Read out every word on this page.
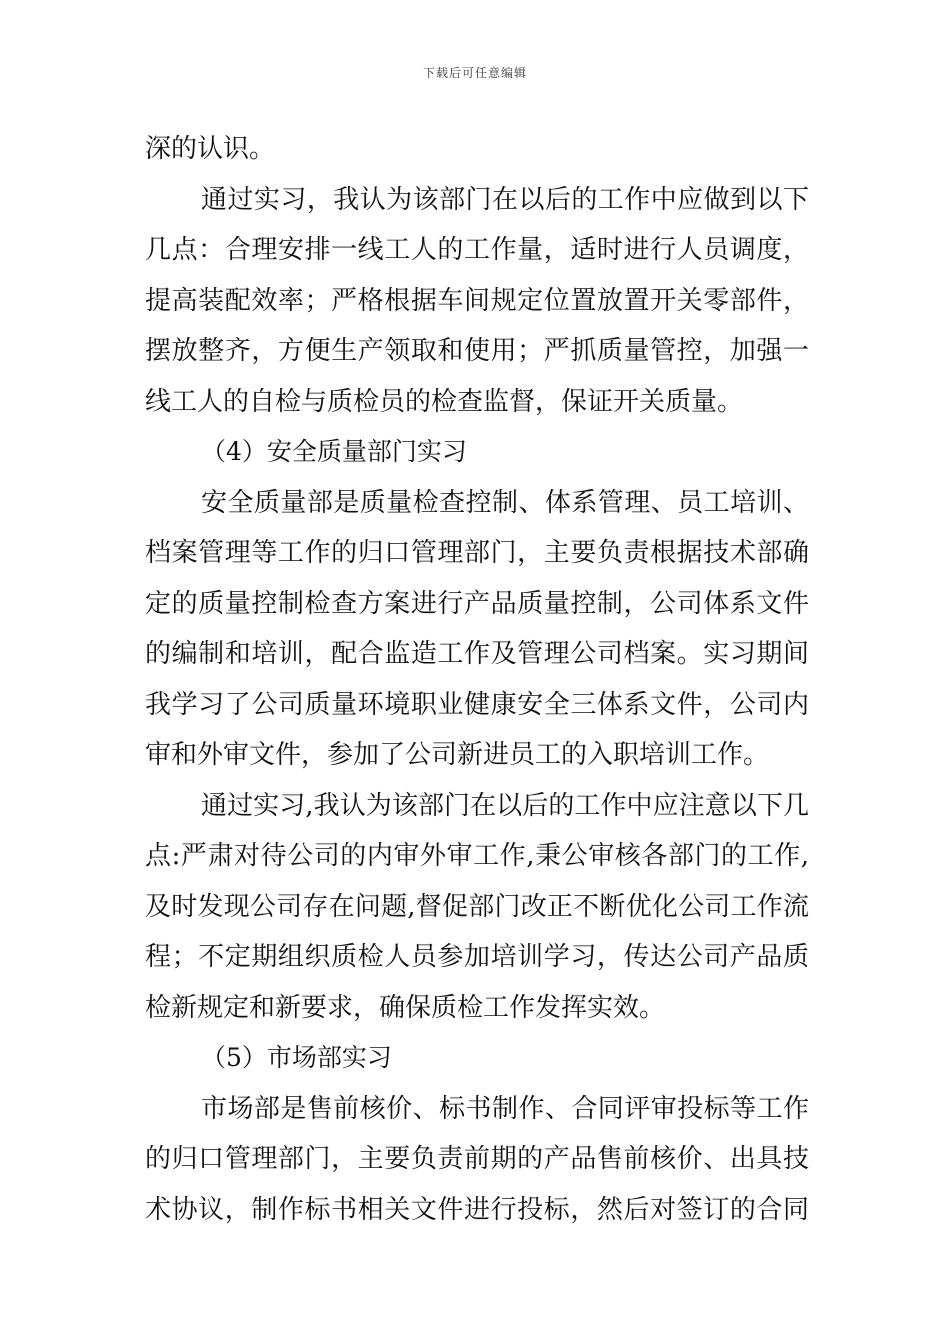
下载后可任意编辑
深的认识。
通过实习，我认为该部门在以后的工作中应做到以下
几点：合理安排一线工人的工作量，适时进行人员调度，
提高装配效率；严格根据车间规定位置放置开关零部件，
摆放整齐，方便生产领取和使用；严抓质量管控，加强一
线工人的自检与质检员的检查监督，保证开关质量。
（4）安全质量部门实习
安全质量部是质量检查控制、体系管理、员工培训、
档案管理等工作的归口管理部门，主要负责根据技术部确
定的质量控制检查方案进行产品质量控制，公司体系文件
的编制和培训，配合监造工作及管理公司档案。实习期间
我学习了公司质量环境职业健康安全三体系文件，公司内
审和外审文件，参加了公司新进员工的入职培训工作。
通过实习,我认为该部门在以后的工作中应注意以下几
点:严肃对待公司的内审外审工作,秉公审核各部门的工作,
及时发现公司存在问题,督促部门改正不断优化公司工作流
程；不定期组织质检人员参加培训学习，传达公司产品质
检新规定和新要求，确保质检工作发挥实效。
（5）市场部实习
市场部是售前核价、标书制作、合同评审投标等工作
的归口管理部门，主要负责前期的产品售前核价、出具技
术协议，制作标书相关文件进行投标，然后对签订的合同
